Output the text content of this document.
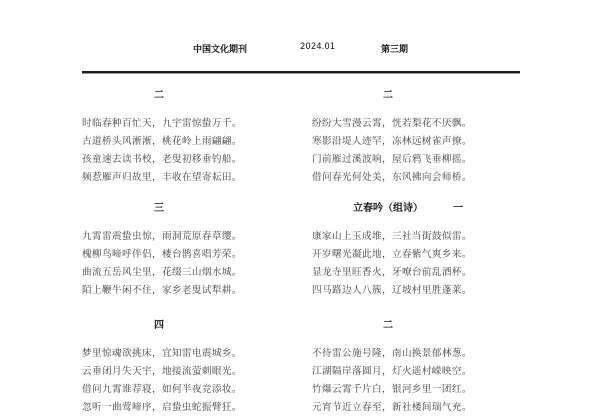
中国文化期刊	2024.01	第三期
二
时临春种百忙天，九宇雷惊蛰万千。
古道桥头风淅淅，桃花岭上雨翩翩。
孩童速去读书校，老叟初移垂钓船。
频惹雁声归故里，丰收在望寄耘田。
三
九霄雷震蛰虫惊，雨洞荒原春草缨。
槐柳鸟啼呼伴侣，楼台鹊喜唱芳荣。
曲流五岳风尘里，花缀三山烟水城。
陌上鞭牛闲不住，家乡老叟试犁耕。
四
梦里惊魂欲挑床，宜知雷电震城乡。
云垂闭月失天宇，地接流萤刺眼光。
借问九霄谁荐寝，如何半夜竞添妆。
忽听一曲莺啼序，启蛰虫蛇振臂狂。
二
纷纷大雪漫云霄，恍若梨花不厌飘。
寒影沿堤人迹罕，冻林远树雀声撩。
门前雁过溪波响，屋后鸦飞垂柳摇。
借问春光何处美，东风拂向会师桥。
立春吟（组诗）	一
康家山上玉成堆，三社当街鼓似雷。
开岁曙光凝此地，立春紫气爽乡来。
显龙寺里旺香火，牙嘹台前乱酒杯。
四马路边人八簇，辽坡村里胜蓬莱。
二
不待雷公施号隆，南山换景郁林葱。
江湖隔岸落圆月，灯火遥村嵘映空。
竹爆云霄千片白，银河乡里一团红。
元宵节近立春至，新社楼间瑞气充。
